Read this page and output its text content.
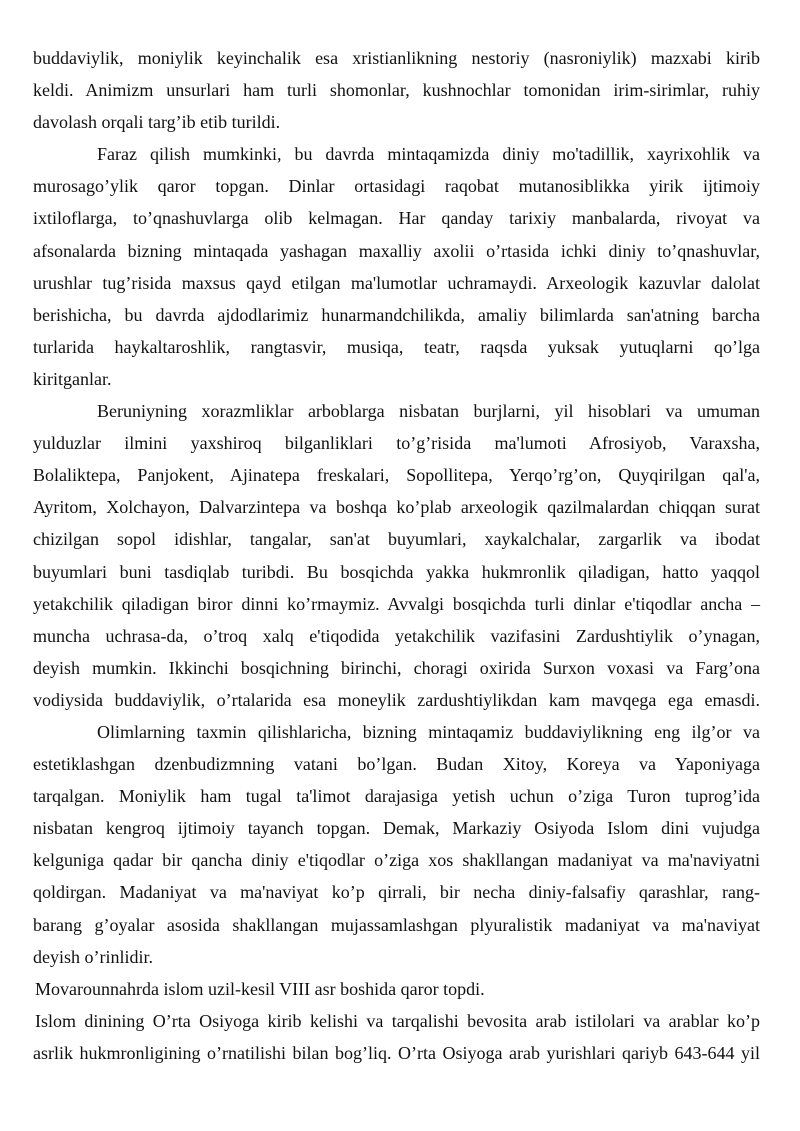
buddaviylik, moniylik keyinchalik esa xristianlikning nestoriy (nasroniylik) mazxabi kirib
keldi. Animizm unsurlari ham turli shomonlar, kushnochlar tomonidan irim-sirimlar, ruhiy
davolash orqali targ’ib etib turildi.
Faraz qilish mumkinki, bu davrda mintaqamizda diniy mo'tadillik, xayrixohlik va
murosago’ylik qaror topgan. Dinlar ortasidagi raqobat mutanosiblikka yirik ijtimoiy
ixtiloflarga, to’qnashuvlarga olib kelmagan. Har qanday tarixiy manbalarda, rivoyat va
afsonalarda bizning mintaqada yashagan maxalliy axolii o’rtasida ichki diniy to’qnashuvlar,
urushlar tug’risida maxsus qayd etilgan ma'lumotlar uchramaydi. Arxeologik kazuvlar dalolat
berishicha, bu davrda ajdodlarimiz hunarmandchilikda, amaliy bilimlarda san'atning barcha
turlarida haykaltaroshlik, rangtasvir, musiqa, teatr, raqsda yuksak yutuqlarni qo’lga
kiritganlar.
Beruniyning xorazmliklar arboblarga nisbatan burjlarni, yil hisoblari va umuman
yulduzlar ilmini yaxshiroq bilganliklari to’g’risida ma'lumoti Afrosiyob, Varaxsha,
Bolaliktepa, Panjokent, Ajinatepa freskalari, Sopollitepa, Yerqo’rg’on, Quyqirilgan qal'a,
Ayritom, Xolchayon, Dalvarzintepa va boshqa ko’plab arxeologik qazilmalardan chiqqan surat
chizilgan sopol idishlar, tangalar, san'at buyumlari, xaykalchalar, zargarlik va ibodat
buyumlari buni tasdiqlab turibdi. Bu bosqichda yakka hukmronlik qiladigan, hatto yaqqol
yetakchilik qiladigan biror dinni ko’rmaymiz. Avvalgi bosqichda turli dinlar e'tiqodlar ancha –
muncha uchrasa-da, o’troq xalq e'tiqodida yetakchilik vazifasini Zardushtiylik o’ynagan,
deyish mumkin. Ikkinchi bosqichning birinchi, choragi oxirida Surxon voxasi va Farg’ona
vodiysida buddaviylik, o’rtalarida esa moneylik zardushtiylikdan kam mavqega ega emasdi.
Olimlarning taxmin qilishlaricha, bizning mintaqamiz buddaviylikning eng ilg’or va
estetiklashgan dzenbudizmning vatani bo’lgan. Budan Xitoy, Koreya va Yaponiyaga
tarqalgan. Moniylik ham tugal ta'limot darajasiga yetish uchun o’ziga Turon tuprog’ida
nisbatan kengroq ijtimoiy tayanch topgan. Demak, Markaziy Osiyoda Islom dini vujudga
kelguniga qadar bir qancha diniy e'tiqodlar o’ziga xos shakllangan madaniyat va ma'naviyatni
qoldirgan. Madaniyat va ma'naviyat ko’p qirrali, bir necha diniy-falsafiy qarashlar, rang-
barang g’oyalar asosida shakllangan mujassamlashgan plyuralistik madaniyat va ma'naviyat
deyish o’rinlidir.
Movarounnahrda islom uzil-kesil VIII asr boshida qaror topdi.
Islom dinining O’rta Osiyoga kirib kelishi va tarqalishi bevosita arab istilolari va arablar ko’p
asrlik hukmronligining o’rnatilishi bilan bog’liq. O’rta Osiyoga arab yurishlari qariyb 643-644 yil
